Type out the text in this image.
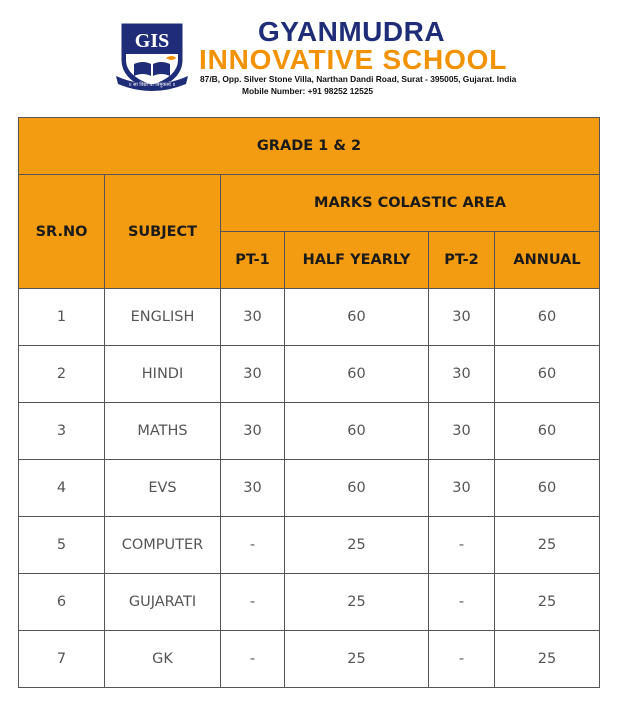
GIS
॥ सा विद्या या विमुक्तये ॥
GYANMUDRA
INNOVATIVE SCHOOL
87/B, Opp. Silver Stone Villa, Narthan Dandi Road, Surat - 395005, Gujarat. India
Mobile Number: +91 98252 12525
GRADE 1 & 2					
SR.NO	SUBJECT	MARKS COLASTIC AREA			
		PT-1	HALF YEARLY	PT-2	ANNUAL
1	ENGLISH	30	60	30	60
2	HINDI	30	60	30	60
3	MATHS	30	60	30	60
4	EVS	30	60	30	60
5	COMPUTER	-	25	-	25
6	GUJARATI	-	25	-	25
7	GK	-	25	-	25
